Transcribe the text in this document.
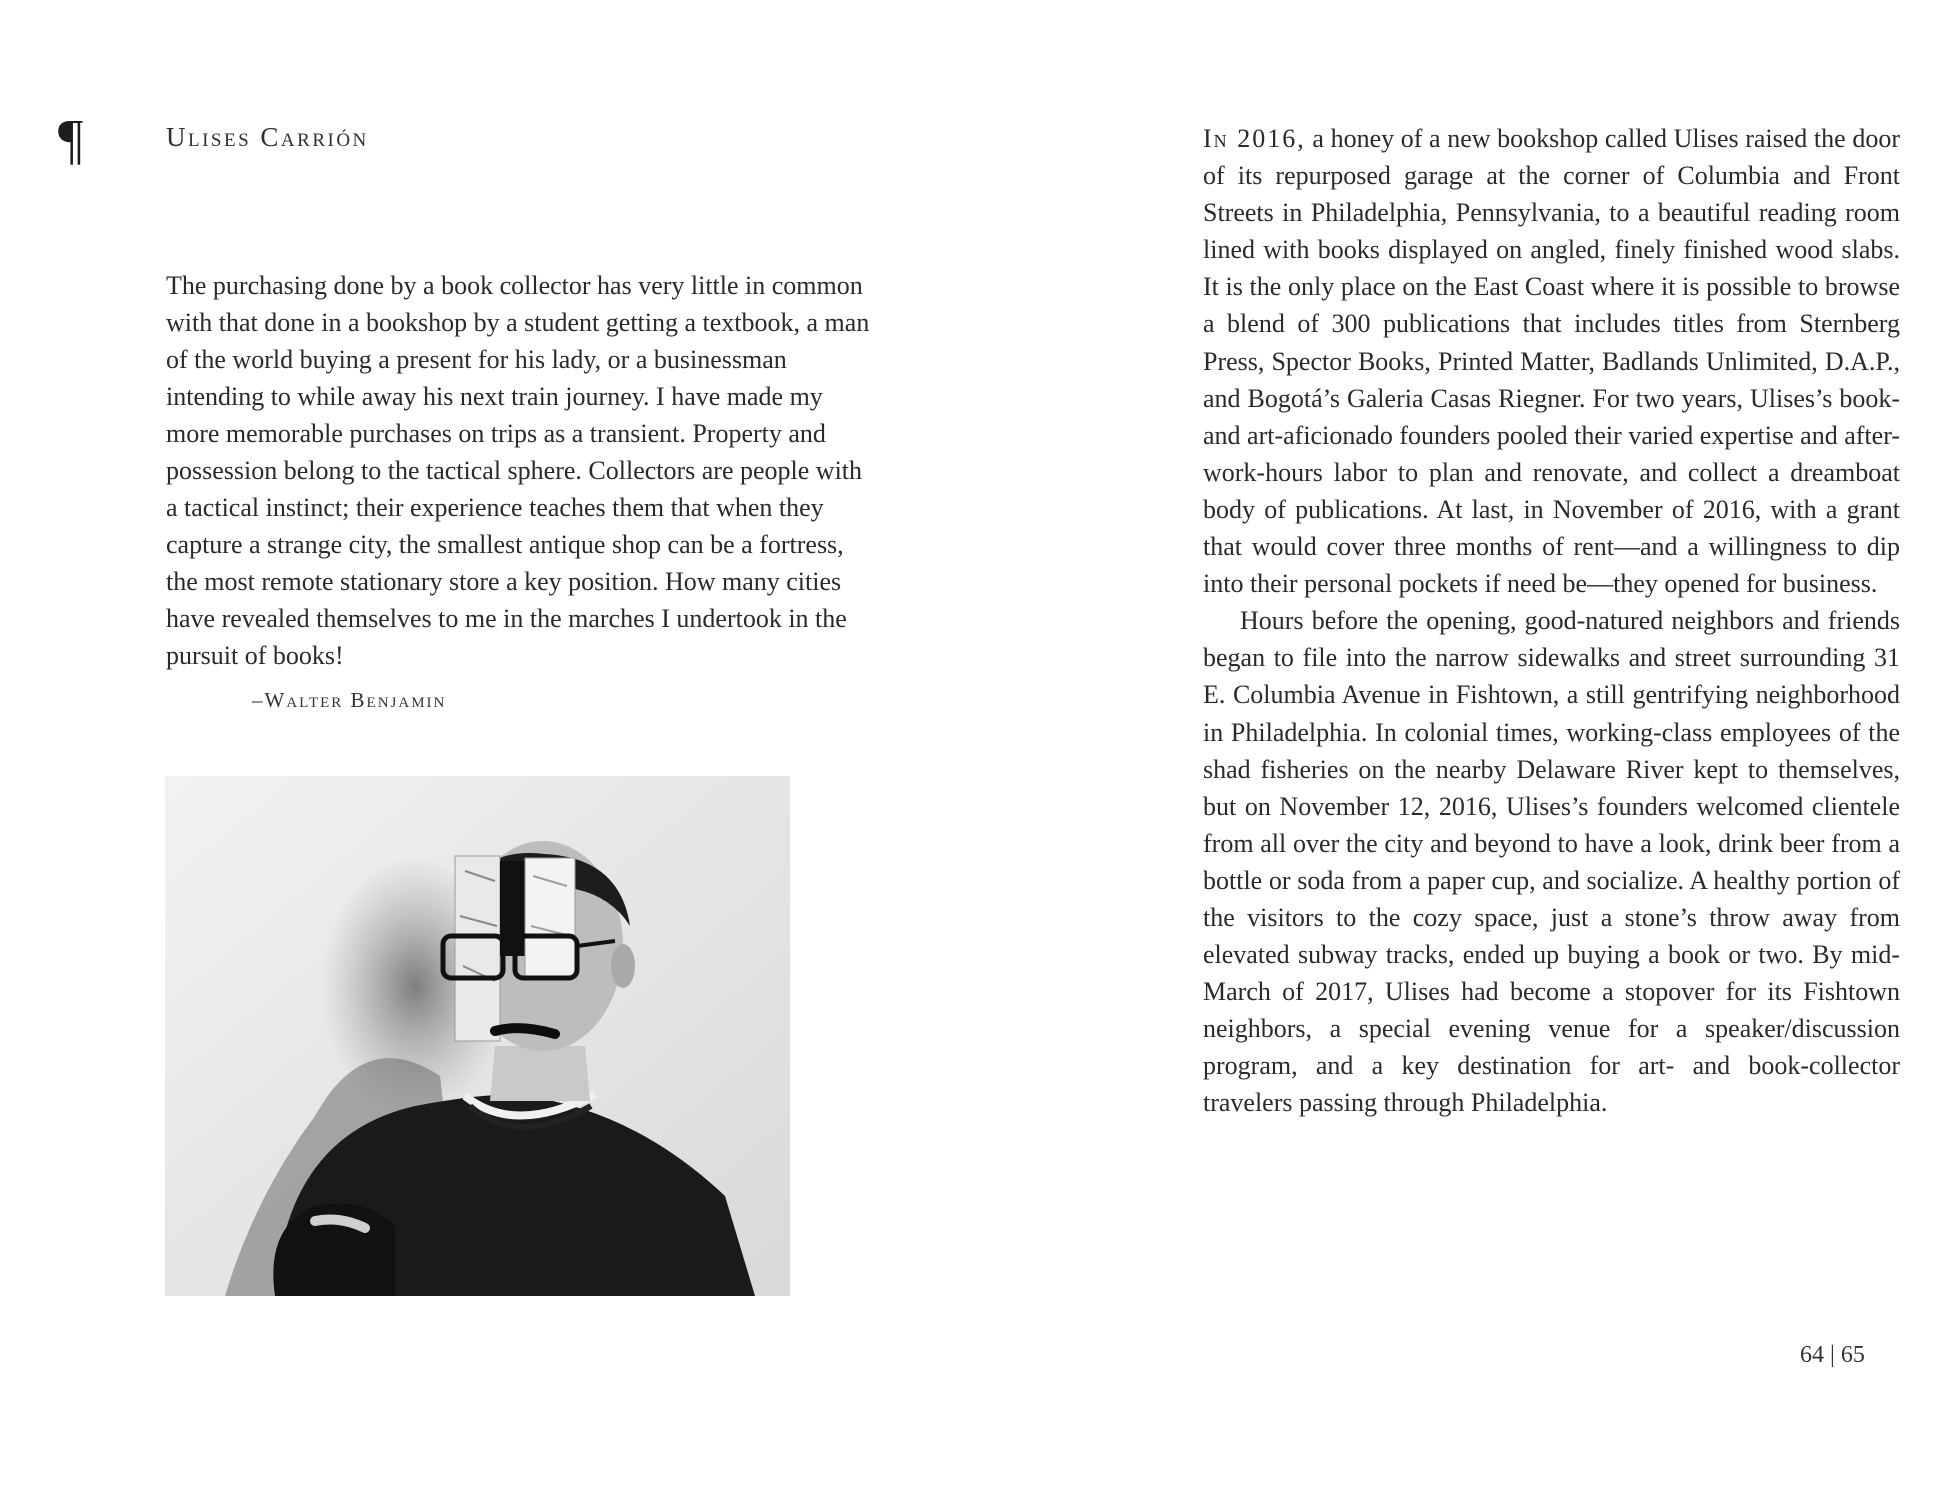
¶	Ulises Carrión
The purchasing done by a book collector has very little in common with that done in a bookshop by a student getting a textbook, a man of the world buying a present for his lady, or a businessman intending to while away his next train journey. I have made my more memorable purchases on trips as a transient. Property and possession belong to the tactical sphere. Collectors are people with a tactical instinct; their experience teaches them that when they capture a strange city, the smallest antique shop can be a fortress, the most remote stationary store a key position. How many cities have revealed themselves to me in the marches I undertook in the pursuit of books!
–Walter Benjamin

In 2016, a honey of a new bookshop called Ulises raised the door of its repurposed garage at the corner of Columbia and Front Streets in Philadelphia, Pennsylvania, to a beautiful reading room lined with books displayed on angled, finely finished wood slabs. It is the only place on the East Coast where it is possible to browse a blend of 300 publications that includes titles from Sternberg Press, Spector Books, Printed Matter, Badlands Unlimited, D.A.P., and Bogotá’s Galeria Casas Riegner. For two years, Ulises’s book- and art-aficionado founders pooled their varied expertise and after-work-hours labor to plan and renovate, and collect a dreamboat body of publications. At last, in November of 2016, with a grant that would cover three months of rent—and a willingness to dip into their personal pockets if need be—they opened for business.

Hours before the opening, good-natured neighbors and friends began to file into the narrow sidewalks and street surrounding 31 E. Columbia Avenue in Fishtown, a still gentrifying neighborhood in Philadelphia. In colonial times, working-class employees of the shad fisheries on the nearby Delaware River kept to themselves, but on November 12, 2016, Ulises’s founders welcomed clientele from all over the city and beyond to have a look, drink beer from a bottle or soda from a paper cup, and socialize. A healthy portion of the visitors to the cozy space, just a stone’s throw away from elevated subway tracks, ended up buying a book or two. By mid-March of 2017, Ulises had become a stopover for its Fishtown neighbors, a special evening venue for a speaker/discussion program, and a key destination for art- and book-collector travelers passing through Philadelphia.

64 | 65
